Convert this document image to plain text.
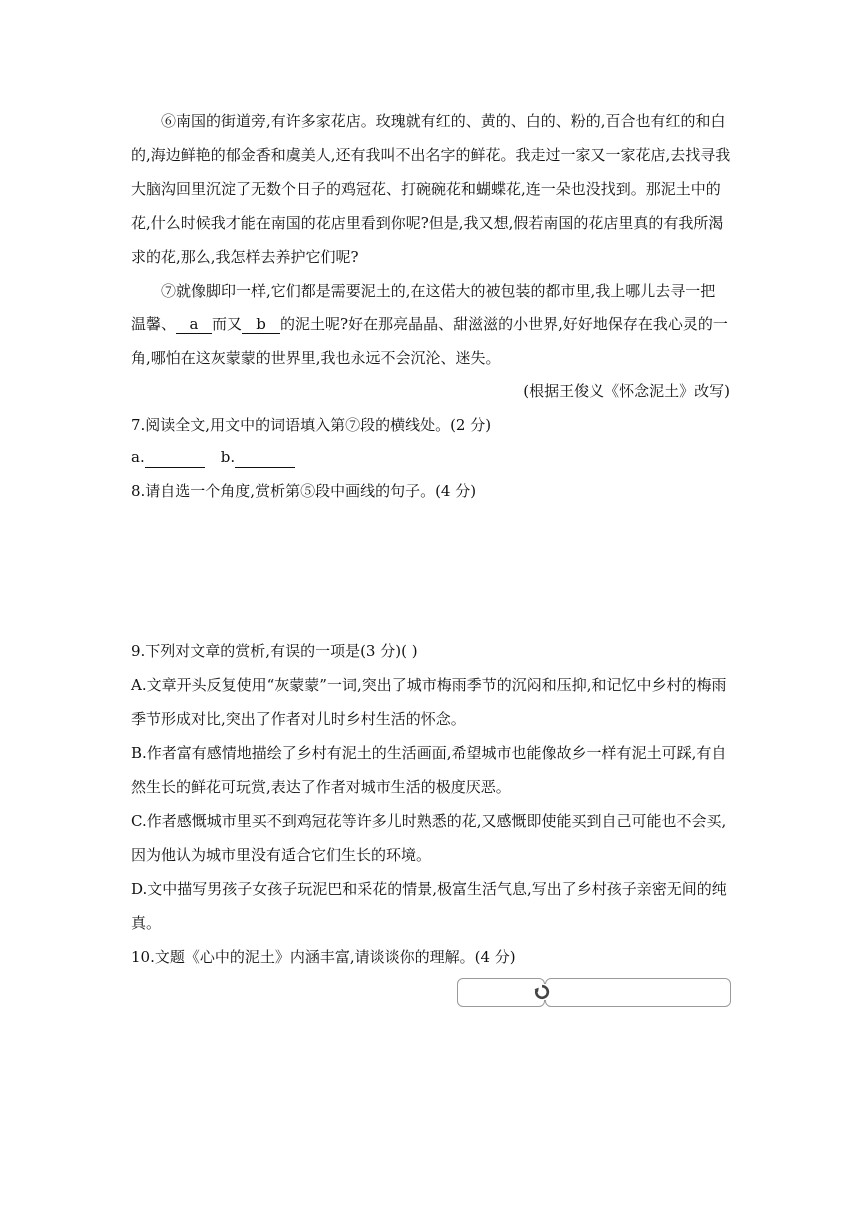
⑥南国的街道旁,有许多家花店。玫瑰就有红的、黄的、白的、粉的,百合也有红的和白
的,海边鲜艳的郁金香和虞美人,还有我叫不出名字的鲜花。我走过一家又一家花店,去找寻我
大脑沟回里沉淀了无数个日子的鸡冠花、打碗碗花和蝴蝶花,连一朵也没找到。那泥土中的
花,什么时候我才能在南国的花店里看到你呢?但是,我又想,假若南国的花店里真的有我所渴
求的花,那么,我怎样去养护它们呢?
⑦就像脚印一样,它们都是需要泥土的,在这偌大的被包装的都市里,我上哪儿去寻一把
温馨、 a 而又 b 的泥土呢?好在那亮晶晶、甜滋滋的小世界,好好地保存在我心灵的一
角,哪怕在这灰蒙蒙的世界里,我也永远不会沉沦、迷失。
(根据王俊义《怀念泥土》改写)
7.阅读全文,用文中的词语填入第⑦段的横线处。(2 分)
a.	b.
8.请自选一个角度,赏析第⑤段中画线的句子。(4 分)
9.下列对文章的赏析,有误的一项是(3 分)( )
A.文章开头反复使用“灰蒙蒙”一词,突出了城市梅雨季节的沉闷和压抑,和记忆中乡村的梅雨
季节形成对比,突出了作者对儿时乡村生活的怀念。
B.作者富有感情地描绘了乡村有泥土的生活画面,希望城市也能像故乡一样有泥土可踩,有自
然生长的鲜花可玩赏,表达了作者对城市生活的极度厌恶。
C.作者感慨城市里买不到鸡冠花等许多儿时熟悉的花,又感慨即使能买到自己可能也不会买,
因为他认为城市里没有适合它们生长的环境。
D.文中描写男孩子女孩子玩泥巴和采花的情景,极富生活气息,写出了乡村孩子亲密无间的纯
真。
10.文题《心中的泥土》内涵丰富,请谈谈你的理解。(4 分)
